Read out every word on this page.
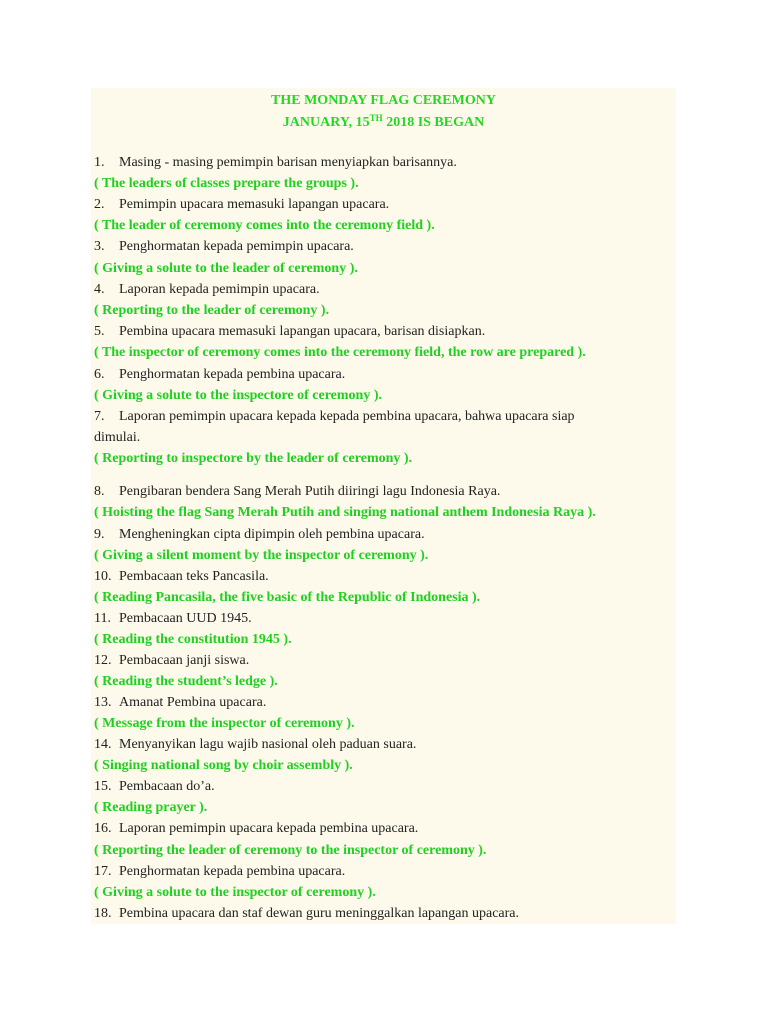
THE MONDAY FLAG CEREMONY
JANUARY, 15TH 2018 IS BEGAN
1. Masing - masing pemimpin barisan menyiapkan barisannya.
( The leaders of classes prepare the groups ).
2. Pemimpin upacara memasuki lapangan upacara.
( The leader of ceremony comes into the ceremony field ).
3. Penghormatan kepada pemimpin upacara.
( Giving a solute to the leader of ceremony ).
4. Laporan kepada pemimpin upacara.
( Reporting to the leader of ceremony ).
5. Pembina upacara memasuki lapangan upacara, barisan disiapkan.
( The inspector of ceremony comes into the ceremony field, the row are prepared ).
6. Penghormatan kepada pembina upacara.
( Giving a solute to the inspectore of ceremony ).
7. Laporan pemimpin upacara kepada kepada pembina upacara, bahwa upacara siap
dimulai.
( Reporting to inspectore by the leader of ceremony ).
8. Pengibaran bendera Sang Merah Putih diiringi lagu Indonesia Raya.
( Hoisting the flag Sang Merah Putih and singing national anthem Indonesia Raya ).
9. Mengheningkan cipta dipimpin oleh pembina upacara.
( Giving a silent moment by the inspector of ceremony ).
10. Pembacaan teks Pancasila.
( Reading Pancasila, the five basic of the Republic of Indonesia ).
11. Pembacaan UUD 1945.
( Reading the constitution 1945 ).
12. Pembacaan janji siswa.
( Reading the student’s ledge ).
13. Amanat Pembina upacara.
( Message from the inspector of ceremony ).
14. Menyanyikan lagu wajib nasional oleh paduan suara.
( Singing national song by choir assembly ).
15. Pembacaan do’a.
( Reading prayer ).
16. Laporan pemimpin upacara kepada pembina upacara.
( Reporting the leader of ceremony to the inspector of ceremony ).
17. Penghormatan kepada pembina upacara.
( Giving a solute to the inspector of ceremony ).
18. Pembina upacara dan staf dewan guru meninggalkan lapangan upacara.
